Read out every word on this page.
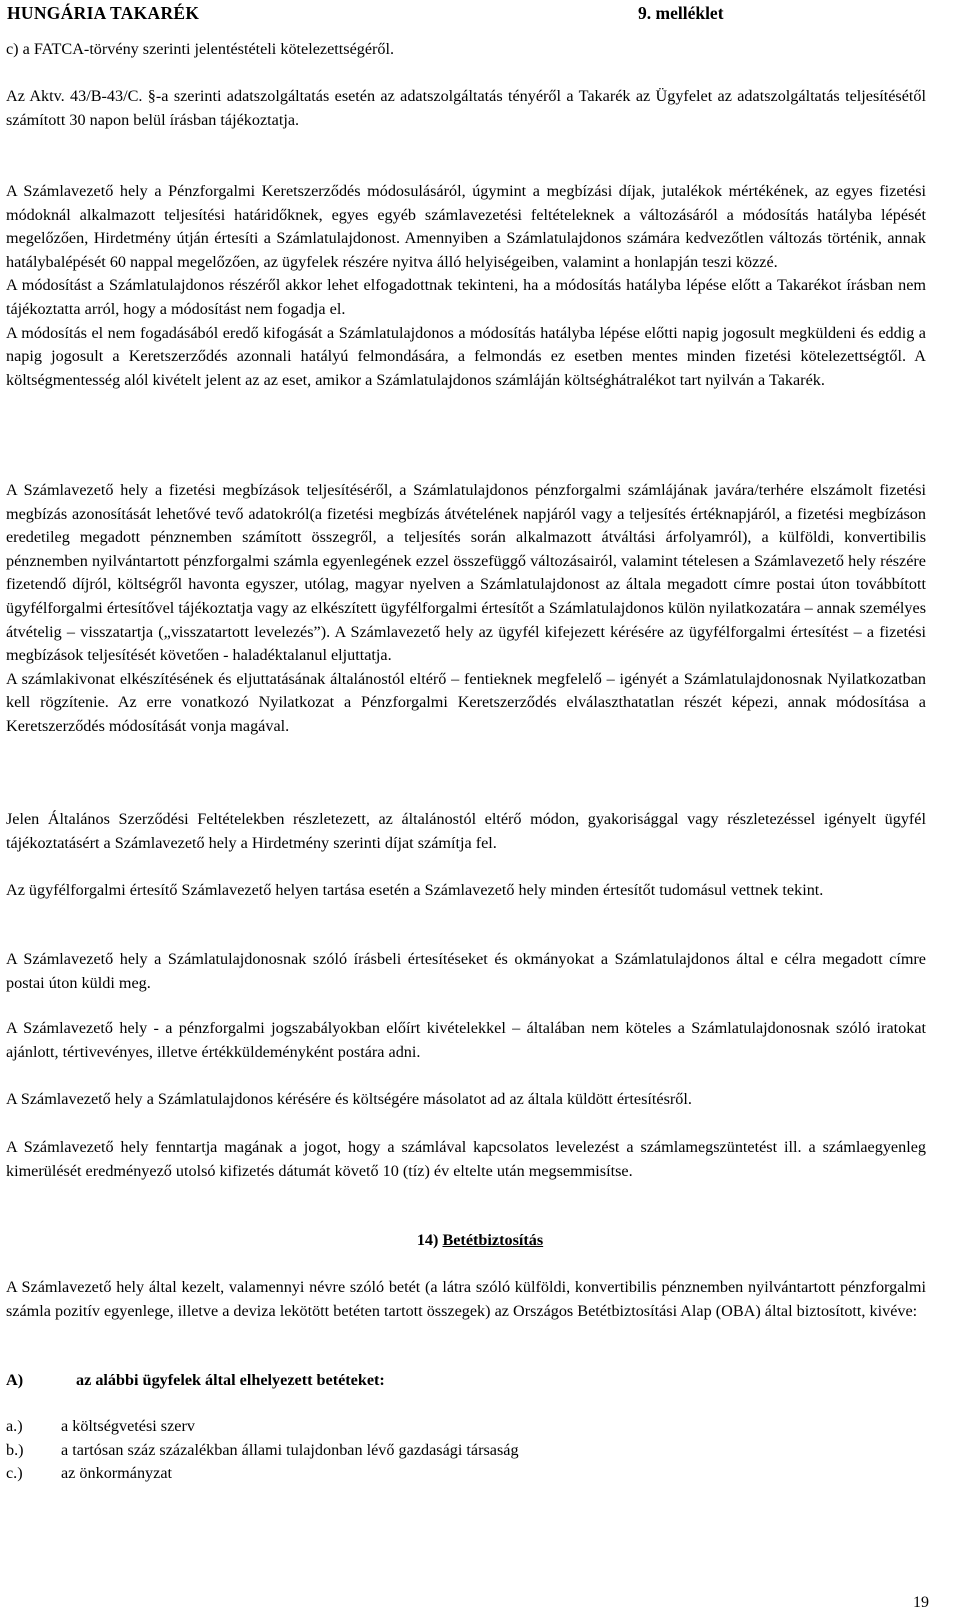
HUNGÁRIA TAKARÉK	9. melléklet

c) a FATCA-törvény szerinti jelentéstételi kötelezettségéről.

Az Aktv. 43/B-43/C. §-a szerinti adatszolgáltatás esetén az adatszolgáltatás tényéről a Takarék az Ügyfelet az adatszolgáltatás teljesítésétől számított 30 napon belül írásban tájékoztatja.

A Számlavezető hely a Pénzforgalmi Keretszerződés módosulásáról, úgymint a megbízási díjak, jutalékok mértékének, az egyes fizetési módoknál alkalmazott teljesítési határidőknek, egyes egyéb számlavezetési feltételeknek a változásáról a módosítás hatályba lépését megelőzően, Hirdetmény útján értesíti a Számlatulajdonost. Amennyiben a Számlatulajdonos számára kedvezőtlen változás történik, annak hatálybalépését 60 nappal megelőzően, az ügyfelek részére nyitva álló helyiségeiben, valamint a honlapján teszi közzé.

A módosítást a Számlatulajdonos részéről akkor lehet elfogadottnak tekinteni, ha a módosítás hatályba lépése előtt a Takarékot írásban nem tájékoztatta arról, hogy a módosítást nem fogadja el.

A módosítás el nem fogadásából eredő kifogását a Számlatulajdonos a módosítás hatályba lépése előtti napig jogosult megküldeni és eddig a napig jogosult a Keretszerződés azonnali hatályú felmondására, a felmondás ez esetben mentes minden fizetési kötelezettségtől. A költségmentesség alól kivételt jelent az az eset, amikor a Számlatulajdonos számláján költséghátralékot tart nyilván a Takarék.

A Számlavezető hely a fizetési megbízások teljesítéséről, a Számlatulajdonos pénzforgalmi számlájának javára/terhére elszámolt fizetési megbízás azonosítását lehetővé tevő adatokról(a fizetési megbízás átvételének napjáról vagy a teljesítés értéknapjáról, a fizetési megbízáson eredetileg megadott pénznemben számított összegről, a teljesítés során alkalmazott átváltási árfolyamról), a külföldi, konvertibilis pénznemben nyilvántartott pénzforgalmi számla egyenlegének ezzel összefüggő változásairól, valamint tételesen a Számlavezető hely részére fizetendő díjról, költségről havonta egyszer, utólag, magyar nyelven a Számlatulajdonost az általa megadott címre postai úton továbbított ügyfélforgalmi értesítővel tájékoztatja vagy az elkészített ügyfélforgalmi értesítőt a Számlatulajdonos külön nyilatkozatára – annak személyes átvételig – visszatartja („visszatartott levelezés”). A Számlavezető hely az ügyfél kifejezett kérésére az ügyfélforgalmi értesítést – a fizetési megbízások teljesítését követően - haladéktalanul eljuttatja.

A számlakivonat elkészítésének és eljuttatásának általánostól eltérő – fentieknek megfelelő – igényét a Számlatulajdonosnak Nyilatkozatban kell rögzítenie. Az erre vonatkozó Nyilatkozat a Pénzforgalmi Keretszerződés elválaszthatatlan részét képezi, annak módosítása a Keretszerződés módosítását vonja magával.

Jelen Általános Szerződési Feltételekben részletezett, az általánostól eltérő módon, gyakorisággal vagy részletezéssel igényelt ügyfél tájékoztatásért a Számlavezető hely a Hirdetmény szerinti díjat számítja fel.

Az ügyfélforgalmi értesítő Számlavezető helyen tartása esetén a Számlavezető hely minden értesítőt tudomásul vettnek tekint.

A Számlavezető hely a Számlatulajdonosnak szóló írásbeli értesítéseket és okmányokat a Számlatulajdonos által e célra megadott címre postai úton küldi meg.

A Számlavezető hely - a pénzforgalmi jogszabályokban előírt kivételekkel – általában nem köteles a Számlatulajdonosnak szóló iratokat ajánlott, tértivevényes, illetve értékküldeményként postára adni.

A Számlavezető hely a Számlatulajdonos kérésére és költségére másolatot ad az általa küldött értesítésről.

A Számlavezető hely fenntartja magának a jogot, hogy a számlával kapcsolatos levelezést a számlamegszüntetést ill. a számlaegyenleg kimerülését eredményező utolsó kifizetés dátumát követő 10 (tíz) év eltelte után megsemmisítse.

14) Betétbiztosítás

A Számlavezető hely által kezelt, valamennyi névre szóló betét (a látra szóló külföldi, konvertibilis pénznemben nyilvántartott pénzforgalmi számla pozitív egyenlege, illetve a deviza lekötött betéten tartott összegek) az Országos Betétbiztosítási Alap (OBA) által biztosított, kivéve:

A)	az alábbi ügyfelek által elhelyezett betéteket:
a.) a költségvetési szerv
b.) a tartósan száz százalékban állami tulajdonban lévő gazdasági társaság
c.) az önkormányzat
19
